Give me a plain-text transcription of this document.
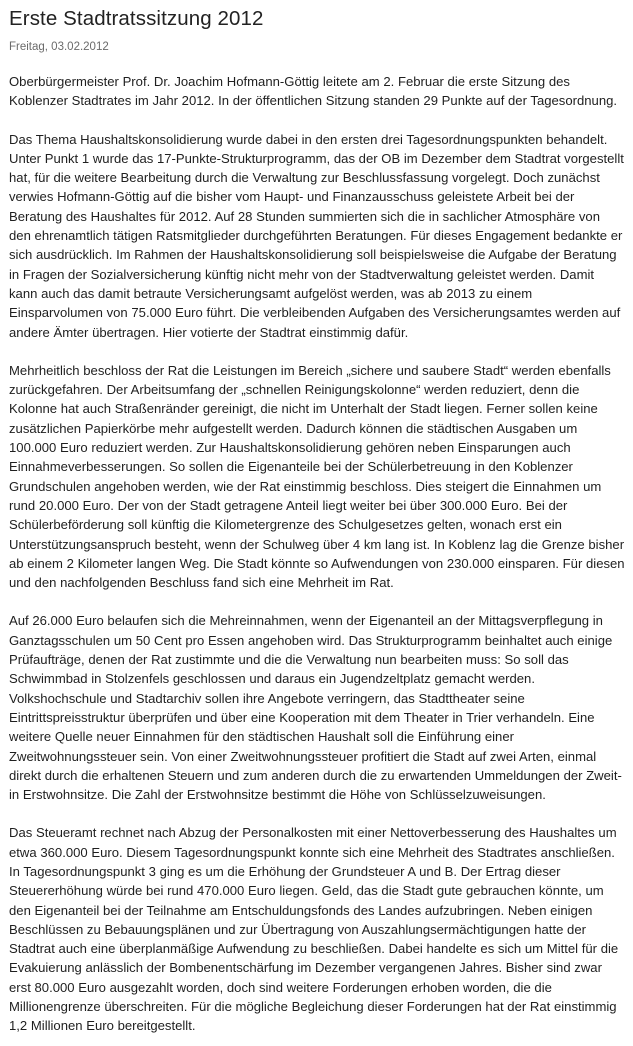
Erste Stadtratssitzung 2012
Freitag, 03.02.2012

Oberbürgermeister Prof. Dr. Joachim Hofmann-Göttig leitete am 2. Februar die erste Sitzung des Koblenzer Stadtrates im Jahr 2012. In der öffentlichen Sitzung standen 29 Punkte auf der Tagesordnung.

Das Thema Haushaltskonsolidierung wurde dabei in den ersten drei Tagesordnungspunkten behandelt. Unter Punkt 1 wurde das 17-Punkte-Strukturprogramm, das der OB im Dezember dem Stadtrat vorgestellt hat, für die weitere Bearbeitung durch die Verwaltung zur Beschlussfassung vorgelegt. Doch zunächst verwies Hofmann-Göttig auf die bisher vom Haupt- und Finanzausschuss geleistete Arbeit bei der Beratung des Haushaltes für 2012. Auf 28 Stunden summierten sich die in sachlicher Atmosphäre von den ehrenamtlich tätigen Ratsmitglieder durchgeführten Beratungen. Für dieses Engagement bedankte er sich ausdrücklich. Im Rahmen der Haushaltskonsolidierung soll beispielsweise die Aufgabe der Beratung in Fragen der Sozialversicherung künftig nicht mehr von der Stadtverwaltung geleistet werden. Damit kann auch das damit betraute Versicherungsamt aufgelöst werden, was ab 2013 zu einem Einsparvolumen von 75.000 Euro führt. Die verbleibenden Aufgaben des Versicherungsamtes werden auf andere Ämter übertragen. Hier votierte der Stadtrat einstimmig dafür.

Mehrheitlich beschloss der Rat die Leistungen im Bereich „sichere und saubere Stadt“ werden ebenfalls zurückgefahren. Der Arbeitsumfang der „schnellen Reinigungskolonne“ werden reduziert, denn die Kolonne hat auch Straßenränder gereinigt, die nicht im Unterhalt der Stadt liegen. Ferner sollen keine zusätzlichen Papierkörbe mehr aufgestellt werden. Dadurch können die städtischen Ausgaben um 100.000 Euro reduziert werden. Zur Haushaltskonsolidierung gehören neben Einsparungen auch Einnahmeverbesserungen. So sollen die Eigenanteile bei der Schülerbetreuung in den Koblenzer Grundschulen angehoben werden, wie der Rat einstimmig beschloss. Dies steigert die Einnahmen um rund 20.000 Euro. Der von der Stadt getragene Anteil liegt weiter bei über 300.000 Euro. Bei der Schülerbeförderung soll künftig die Kilometergrenze des Schulgesetzes gelten, wonach erst ein Unterstützungsanspruch besteht, wenn der Schulweg über 4 km lang ist. In Koblenz lag die Grenze bisher ab einem 2 Kilometer langen Weg. Die Stadt könnte so Aufwendungen von 230.000 einsparen. Für diesen und den nachfolgenden Beschluss fand sich eine Mehrheit im Rat.

Auf 26.000 Euro belaufen sich die Mehreinnahmen, wenn der Eigenanteil an der Mittagsverpflegung in Ganztagsschulen um 50 Cent pro Essen angehoben wird. Das Strukturprogramm beinhaltet auch einige Prüfaufträge, denen der Rat zustimmte und die die Verwaltung nun bearbeiten muss: So soll das Schwimmbad in Stolzenfels geschlossen und daraus ein Jugendzeltplatz gemacht werden. Volkshochschule und Stadtarchiv sollen ihre Angebote verringern, das Stadttheater seine Eintrittspreisstruktur überprüfen und über eine Kooperation mit dem Theater in Trier verhandeln. Eine weitere Quelle neuer Einnahmen für den städtischen Haushalt soll die Einführung einer Zweitwohnungssteuer sein. Von einer Zweitwohnungssteuer profitiert die Stadt auf zwei Arten, einmal direkt durch die erhaltenen Steuern und zum anderen durch die zu erwartenden Ummeldungen der Zweit- in Erstwohnsitze. Die Zahl der Erstwohnsitze bestimmt die Höhe von Schlüsselzuweisungen.

Das Steueramt rechnet nach Abzug der Personalkosten mit einer Nettoverbesserung des Haushaltes um etwa 360.000 Euro. Diesem Tagesordnungspunkt konnte sich eine Mehrheit des Stadtrates anschließen. In Tagesordnungspunkt 3 ging es um die Erhöhung der Grundsteuer A und B. Der Ertrag dieser Steuererhöhung würde bei rund 470.000 Euro liegen. Geld, das die Stadt gute gebrauchen könnte, um den Eigenanteil bei der Teilnahme am Entschuldungsfonds des Landes aufzubringen. Neben einigen Beschlüssen zu Bebauungsplänen und zur Übertragung von Auszahlungsermächtigungen hatte der Stadtrat auch eine überplanmäßige Aufwendung zu beschließen. Dabei handelte es sich um Mittel für die Evakuierung anlässlich der Bombenentschärfung im Dezember vergangenen Jahres. Bisher sind zwar erst 80.000 Euro ausgezahlt worden, doch sind weitere Forderungen erhoben worden, die die Millionengrenze überschreiten. Für die mögliche Begleichung dieser Forderungen hat der Rat einstimmig 1,2 Millionen Euro bereitgestellt.
